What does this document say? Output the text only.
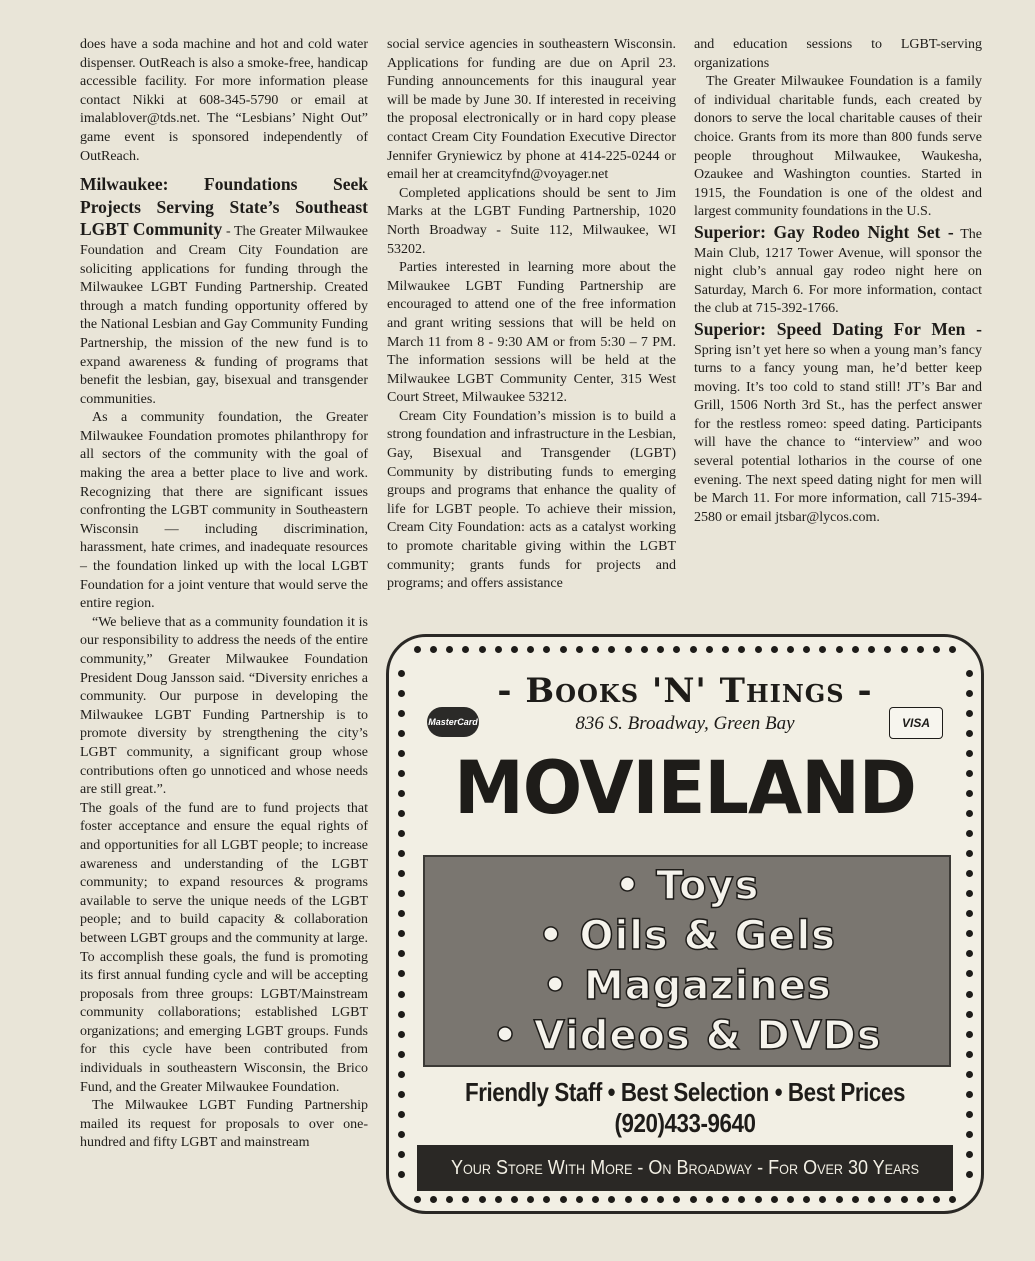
does have a soda machine and hot and cold water dispenser. OutReach is also a smoke-free, handicap accessible facility. For more information please contact Nikki at 608-345-5790 or email at imalablover@tds.net. The “Lesbians’ Night Out” game event is sponsored independently of OutReach.

Milwaukee: Foundations Seek Projects Serving State’s Southeast LGBT Community - The Greater Milwaukee Foundation and Cream City Foundation are soliciting applications for funding through the Milwaukee LGBT Funding Partnership. Created through a match funding opportunity offered by the National Lesbian and Gay Community Funding Partnership, the mission of the new fund is to expand awareness & funding of programs that benefit the lesbian, gay, bisexual and transgender communities.

As a community foundation, the Greater Milwaukee Foundation promotes philanthropy for all sectors of the community with the goal of making the area a better place to live and work. Recognizing that there are significant issues confronting the LGBT community in Southeastern Wisconsin — including discrimination, harassment, hate crimes, and inadequate resources – the foundation linked up with the local LGBT Foundation for a joint venture that would serve the entire region.

“We believe that as a community foundation it is our responsibility to address the needs of the entire community,” Greater Milwaukee Foundation President Doug Jansson said. “Diversity enriches a community. Our purpose in developing the Milwaukee LGBT Funding Partnership is to promote diversity by strengthening the city’s LGBT community, a significant group whose contributions often go unnoticed and whose needs are still great.”.

The goals of the fund are to fund projects that foster acceptance and ensure the equal rights of and opportunities for all LGBT people; to increase awareness and understanding of the LGBT community; to expand resources & programs available to serve the unique needs of the LGBT people; and to build capacity & collaboration between LGBT groups and the community at large.

To accomplish these goals, the fund is promoting its first annual funding cycle and will be accepting proposals from three groups: LGBT/Mainstream community collaborations; established LGBT organizations; and emerging LGBT groups. Funds for this cycle have been contributed from individuals in southeastern Wisconsin, the Brico Fund, and the Greater Milwaukee Foundation.

The Milwaukee LGBT Funding Partnership mailed its request for proposals to over one-hundred and fifty LGBT and mainstream

social service agencies in southeastern Wisconsin. Applications for funding are due on April 23. Funding announcements for this inaugural year will be made by June 30. If interested in receiving the proposal electronically or in hard copy please contact Cream City Foundation Executive Director Jennifer Gryniewicz by phone at 414-225-0244 or email her at creamcityfnd@voyager.net

Completed applications should be sent to Jim Marks at the LGBT Funding Partnership, 1020 North Broadway - Suite 112, Milwaukee, WI 53202.

Parties interested in learning more about the Milwaukee LGBT Funding Partnership are encouraged to attend one of the free information and grant writing sessions that will be held on March 11 from 8 - 9:30 AM or from 5:30 – 7 PM. The information sessions will be held at the Milwaukee LGBT Community Center, 315 West Court Street, Milwaukee 53212.

Cream City Foundation’s mission is to build a strong foundation and infrastructure in the Lesbian, Gay, Bisexual and Transgender (LGBT) Community by distributing funds to emerging groups and programs that enhance the quality of life for LGBT people. To achieve their mission, Cream City Foundation: acts as a catalyst working to promote charitable giving within the LGBT community; grants funds for projects and programs; and offers assistance

and education sessions to LGBT-serving organizations

The Greater Milwaukee Foundation is a family of individual charitable funds, each created by donors to serve the local charitable causes of their choice. Grants from its more than 800 funds serve people throughout Milwaukee, Waukesha, Ozaukee and Washington counties. Started in 1915, the Foundation is one of the oldest and largest community foundations in the U.S.

Superior: Gay Rodeo Night Set - The Main Club, 1217 Tower Avenue, will sponsor the night club’s annual gay rodeo night here on Saturday, March 6. For more information, contact the club at 715-392-1766.

Superior: Speed Dating For Men - Spring isn’t yet here so when a young man’s fancy turns to a fancy young man, he’d better keep moving. It’s too cold to stand still! JT’s Bar and Grill, 1506 North 3rd St., has the perfect answer for the restless romeo: speed dating. Participants will have the chance to “interview” and woo several potential lotharios in the course of one evening. The next speed dating night for men will be March 11. For more information, call 715-394-2580 or email jtsbar@lycos.com.

- Books 'N' Things -
836 S. Broadway, Green Bay
MasterCard	VISA
MOVIELAND
• Toys
• Oils & Gels
• Magazines
• Videos & DVDs
Friendly Staff • Best Selection • Best Prices (920)433-9640
Your Store With More - On Broadway - For Over 30 Years
